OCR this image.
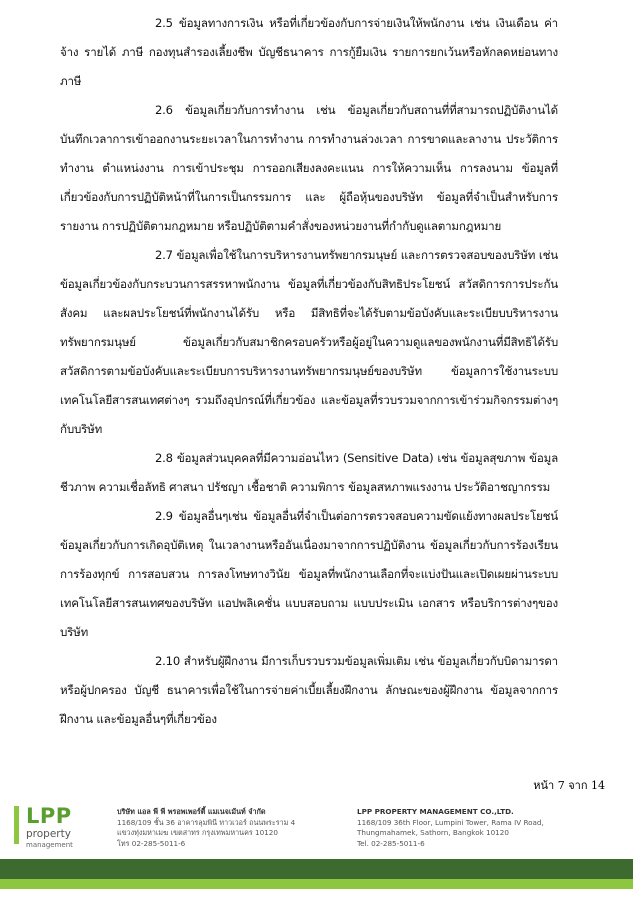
2.5 ข้อมูลทางการเงิน หรือที่เกี่ยวข้องกับการจ่ายเงินให้พนักงาน เช่น เงินเดือน ค่าจ้าง รายได้ ภาษี กองทุนสำรองเลี้ยงชีพ บัญชีธนาคาร การกู้ยืมเงิน รายการยกเว้นหรือหักลดหย่อนทางภาษี

2.6 ข้อมูลเกี่ยวกับการทำงาน เช่น ข้อมูลเกี่ยวกับสถานที่ที่สามารถปฏิบัติงานได้บันทึกเวลาการเข้าออกงานระยะเวลาในการทำงาน การทำงานล่วงเวลา การขาดและลางาน ประวัติการทำงาน ตำแหน่งงาน การเข้าประชุม การออกเสียงลงคะแนน การให้ความเห็น การลงนาม ข้อมูลที่เกี่ยวข้องกับการปฏิบัติหน้าที่ในการเป็นกรรมการ และ ผู้ถือหุ้นของบริษัท ข้อมูลที่จำเป็นสำหรับการรายงาน การปฏิบัติตามกฎหมาย หรือปฏิบัติตามคำสั่งของหน่วยงานที่กำกับดูแลตามกฎหมาย

2.7 ข้อมูลเพื่อใช้ในการบริหารงานทรัพยากรมนุษย์ และการตรวจสอบของบริษัท เช่น ข้อมูลเกี่ยวข้องกับกระบวนการสรรหาพนักงาน ข้อมูลที่เกี่ยวข้องกับสิทธิประโยชน์ สวัสดิการการประกันสังคม และผลประโยชน์ที่พนักงานได้รับ หรือ มีสิทธิที่จะได้รับตามข้อบังคับและระเบียบบริหารงานทรัพยากรมนุษย์ ข้อมูลเกี่ยวกับสมาชิกครอบครัวหรือผู้อยู่ในความดูแลของพนักงานที่มีสิทธิได้รับสวัสดิการตามข้อบังคับและระเบียบการบริหารงานทรัพยากรมนุษย์ของบริษัท ข้อมูลการใช้งานระบบเทคโนโลยีสารสนเทศต่างๆ รวมถึงอุปกรณ์ที่เกี่ยวข้อง และข้อมูลที่รวบรวมจากการเข้าร่วมกิจกรรมต่างๆกับบริษัท

2.8 ข้อมูลส่วนบุคคลที่มีความอ่อนไหว (Sensitive Data) เช่น ข้อมูลสุขภาพ ข้อมูลชีวภาพ ความเชื่อลัทธิ ศาสนา ปรัชญา เชื้อชาติ ความพิการ ข้อมูลสหภาพแรงงาน ประวัติอาชญากรรม

2.9 ข้อมูลอื่นๆเช่น ข้อมูลอื่นที่จำเป็นต่อการตรวจสอบความขัดแย้งทางผลประโยชน์ ข้อมูลเกี่ยวกับการเกิดอุบัติเหตุ ในเวลางานหรืออันเนื่องมาจากการปฏิบัติงาน ข้อมูลเกี่ยวกับการร้องเรียน การร้องทุกข์ การสอบสวน การลงโทษทางวินัย ข้อมูลที่พนักงานเลือกที่จะแบ่งปันและเปิดเผยผ่านระบบเทคโนโลยีสารสนเทศของบริษัท แอปพลิเคชั่น แบบสอบถาม แบบประเมิน เอกสาร หรือบริการต่างๆของบริษัท

2.10 สำหรับผู้ฝึกงาน มีการเก็บรวบรวมข้อมูลเพิ่มเติม เช่น ข้อมูลเกี่ยวกับบิดามารดาหรือผู้ปกครอง บัญชี ธนาคารเพื่อใช้ในการจ่ายค่าเบี้ยเลี้ยงฝึกงาน ลักษณะของผู้ฝึกงาน ข้อมูลจากการฝึกงาน และข้อมูลอื่นๆที่เกี่ยวข้อง

หน้า 7 จาก 14
LPP
property
management
บริษัท แอล พี พี พรอพเพอร์ตี้ แมเนจเม้นท์ จำกัด
1168/109 ชั้น 36 อาคารลุมพินี ทาวเวอร์ ถนนพระราม 4
แขวงทุ่งมหาเมฆ เขตสาทร กรุงเทพมหานคร 10120
โทร 02-285-5011-6
LPP PROPERTY MANAGEMENT CO.,LTD.
1168/109 36th Floor, Lumpini Tower, Rama IV Road,
Thungmahamek, Sathorn, Bangkok 10120
Tel. 02-285-5011-6
